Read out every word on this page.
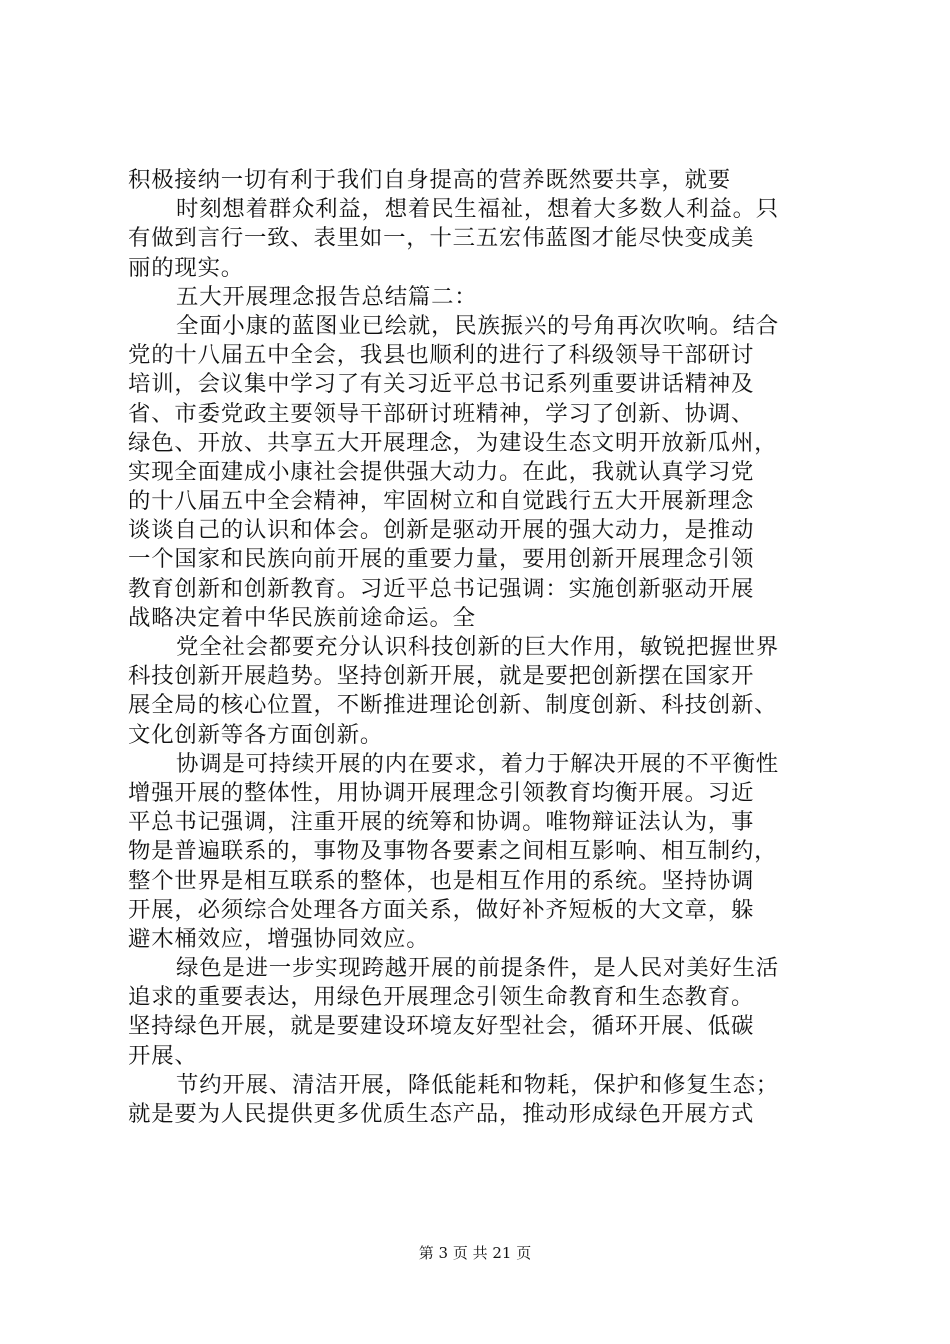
积极接纳一切有利于我们自身提高的营养既然要共享，就要
时刻想着群众利益，想着民生福祉，想着大多数人利益。只
有做到言行一致、表里如一，十三五宏伟蓝图才能尽快变成美
丽的现实。
五大开展理念报告总结篇二：
全面小康的蓝图业已绘就，民族振兴的号角再次吹响。结合
党的十八届五中全会，我县也顺利的进行了科级领导干部研讨
培训，会议集中学习了有关习近平总书记系列重要讲话精神及
省、市委党政主要领导干部研讨班精神，学习了创新、协调、
绿色、开放、共享五大开展理念，为建设生态文明开放新瓜州，
实现全面建成小康社会提供强大动力。在此，我就认真学习党
的十八届五中全会精神，牢固树立和自觉践行五大开展新理念
谈谈自己的认识和体会。创新是驱动开展的强大动力，是推动
一个国家和民族向前开展的重要力量，要用创新开展理念引领
教育创新和创新教育。习近平总书记强调：实施创新驱动开展
战略决定着中华民族前途命运。全
党全社会都要充分认识科技创新的巨大作用，敏锐把握世界
科技创新开展趋势。坚持创新开展，就是要把创新摆在国家开
展全局的核心位置，不断推进理论创新、制度创新、科技创新、
文化创新等各方面创新。
协调是可持续开展的内在要求，着力于解决开展的不平衡性
增强开展的整体性，用协调开展理念引领教育均衡开展。习近
平总书记强调，注重开展的统筹和协调。唯物辩证法认为，事
物是普遍联系的，事物及事物各要素之间相互影响、相互制约，
整个世界是相互联系的整体，也是相互作用的系统。坚持协调
开展，必须综合处理各方面关系，做好补齐短板的大文章，躲
避木桶效应，增强协同效应。
绿色是进一步实现跨越开展的前提条件，是人民对美好生活
追求的重要表达，用绿色开展理念引领生命教育和生态教育。
坚持绿色开展，就是要建设环境友好型社会，循环开展、低碳
开展、
节约开展、清洁开展，降低能耗和物耗，保护和修复生态；
就是要为人民提供更多优质生态产品，推动形成绿色开展方式
第 3 页 共 21 页
